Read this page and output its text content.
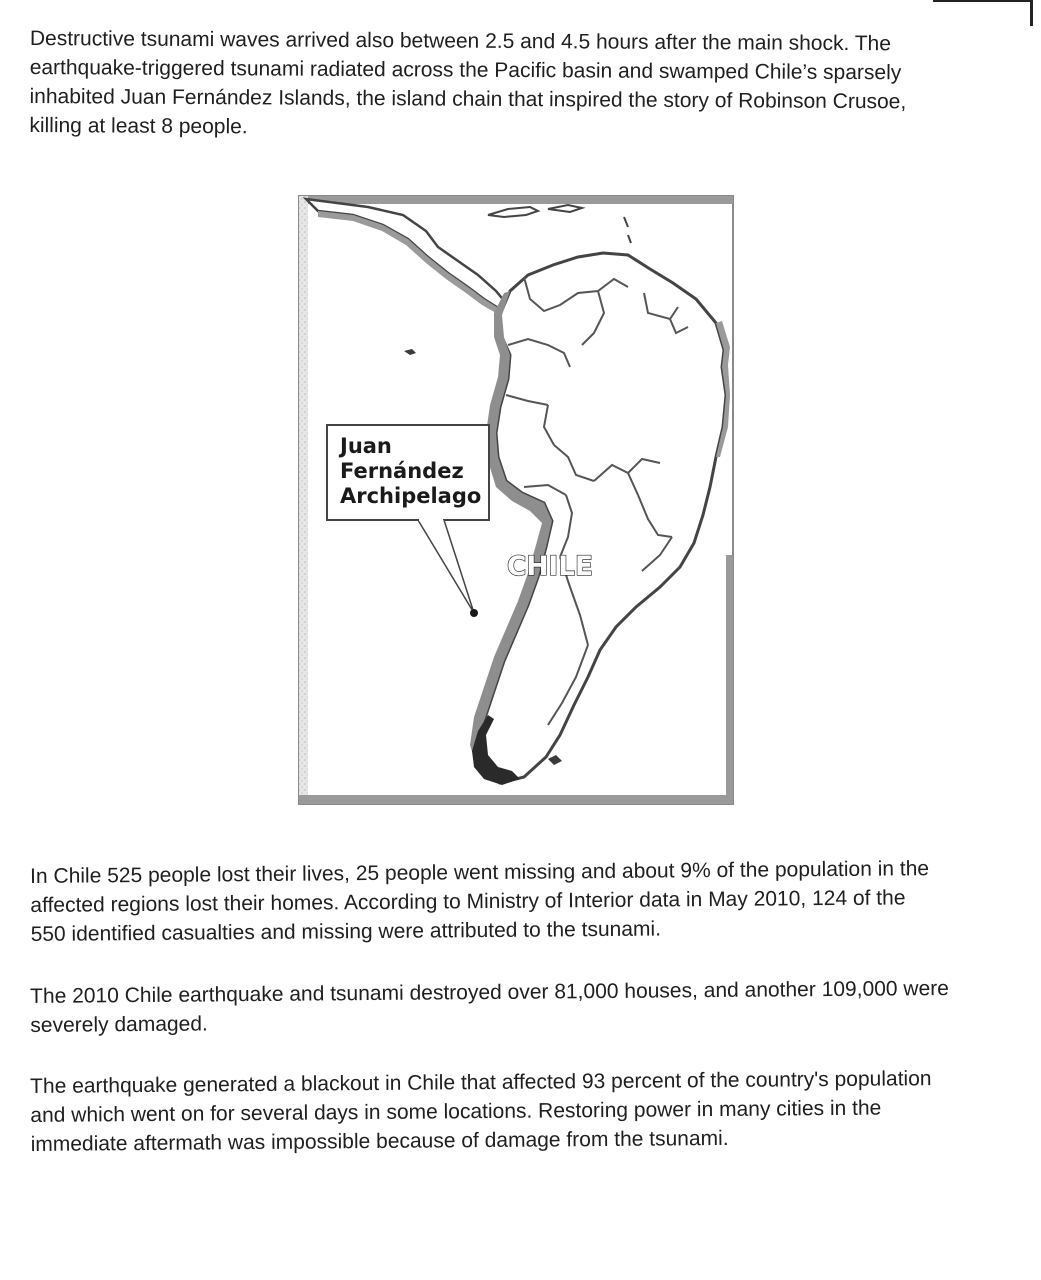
Destructive tsunami waves arrived also between 2.5 and 4.5 hours after the main shock. The
earthquake-triggered tsunami radiated across the Pacific basin and swamped Chile’s sparsely
inhabited Juan Fernández Islands, the island chain that inspired the story of Robinson Crusoe,
killing at least 8 people.

Juan
Fernández
Archipelago
CHILE

In Chile 525 people lost their lives, 25 people went missing and about 9% of the population in the
affected regions lost their homes. According to Ministry of Interior data in May 2010, 124 of the
550 identified casualties and missing were attributed to the tsunami.

The 2010 Chile earthquake and tsunami destroyed over 81,000 houses, and another 109,000 were
severely damaged.

The earthquake generated a blackout in Chile that affected 93 percent of the country's population
and which went on for several days in some locations. Restoring power in many cities in the
immediate aftermath was impossible because of damage from the tsunami.
